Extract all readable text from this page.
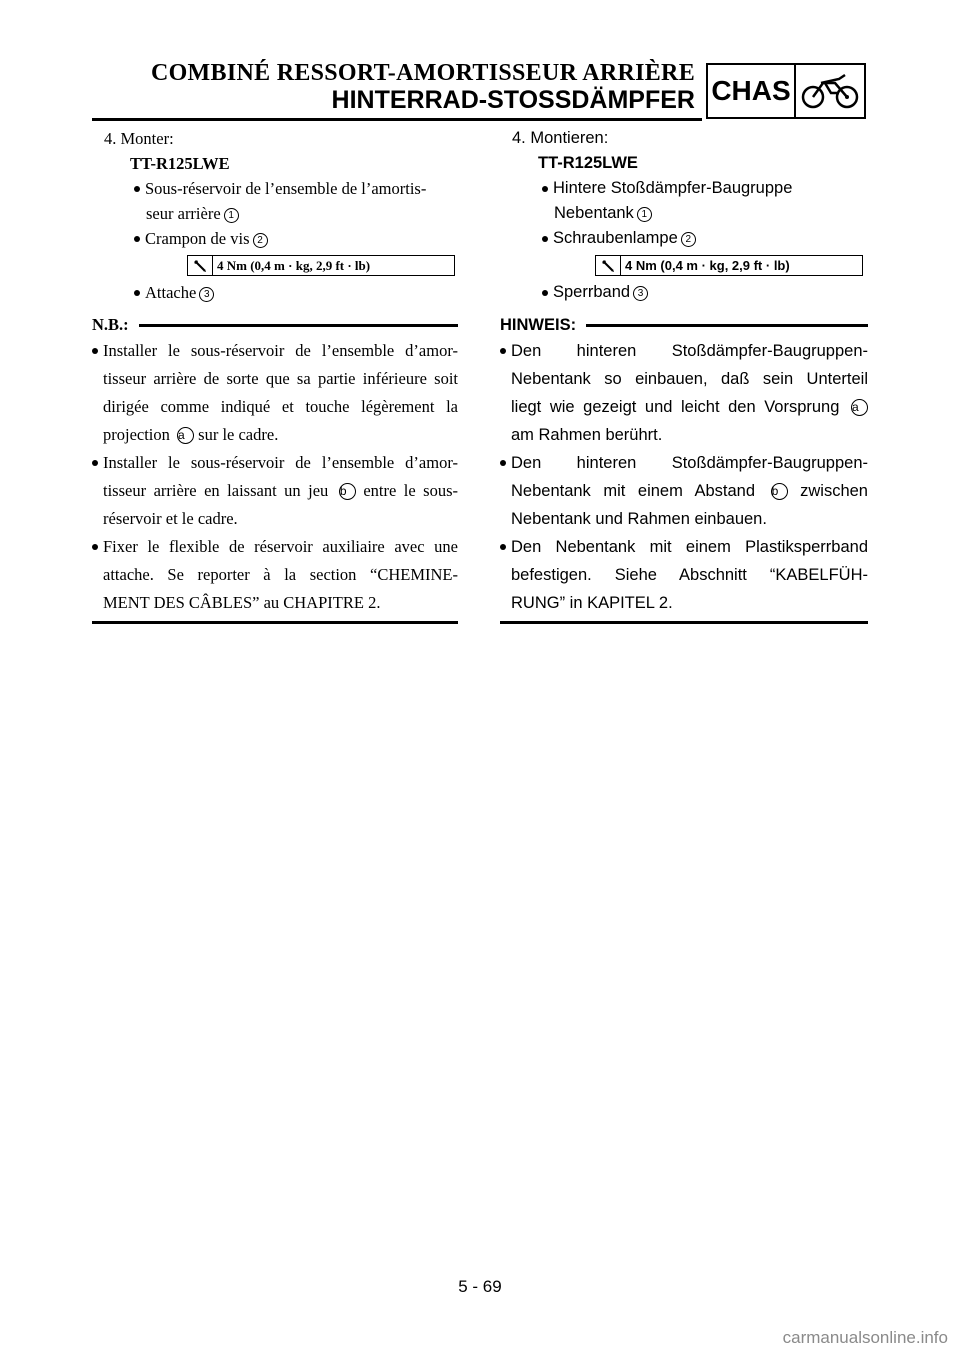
COMBINÉ RESSORT-AMORTISSEUR ARRIÈRE
HINTERRAD-STOSSDÄMPFER CHAS
4. Monter:
TT-R125LWE
Sous-réservoir de l’ensemble de l’amortis-
seur arrière 1
Crampon de vis 2
4 Nm (0,4 m · kg, 2,9 ft · lb)
Attache 3
N.B.:
Installer le sous-réservoir de l’ensemble d’amor-
tisseur arrière de sorte que sa partie inférieure soit
dirigée comme indiqué et touche légèrement la
projection a sur le cadre.
Installer le sous-réservoir de l’ensemble d’amor-
tisseur arrière en laissant un jeu b entre le sous-
réservoir et le cadre.
Fixer le flexible de réservoir auxiliaire avec une
attache. Se reporter à la section “CHEMINE-
MENT DES CÂBLES” au CHAPITRE 2.
4. Montieren:
TT-R125LWE
Hintere Stoßdämpfer-Baugruppe
Nebentank 1
Schraubenlampe 2
4 Nm (0,4 m · kg, 2,9 ft · lb)
Sperrband 3
HINWEIS:
Den hinteren Stoßdämpfer-Baugruppen-
Nebentank so einbauen, daß sein Unterteil
liegt wie gezeigt und leicht den Vorsprung a
am Rahmen berührt.
Den hinteren Stoßdämpfer-Baugruppen-
Nebentank mit einem Abstand b zwischen
Nebentank und Rahmen einbauen.
Den Nebentank mit einem Plastiksperrband
befestigen. Siehe Abschnitt “KABELFÜH-
RUNG” in KAPITEL 2.
5 - 69
carmanualsonline.info
